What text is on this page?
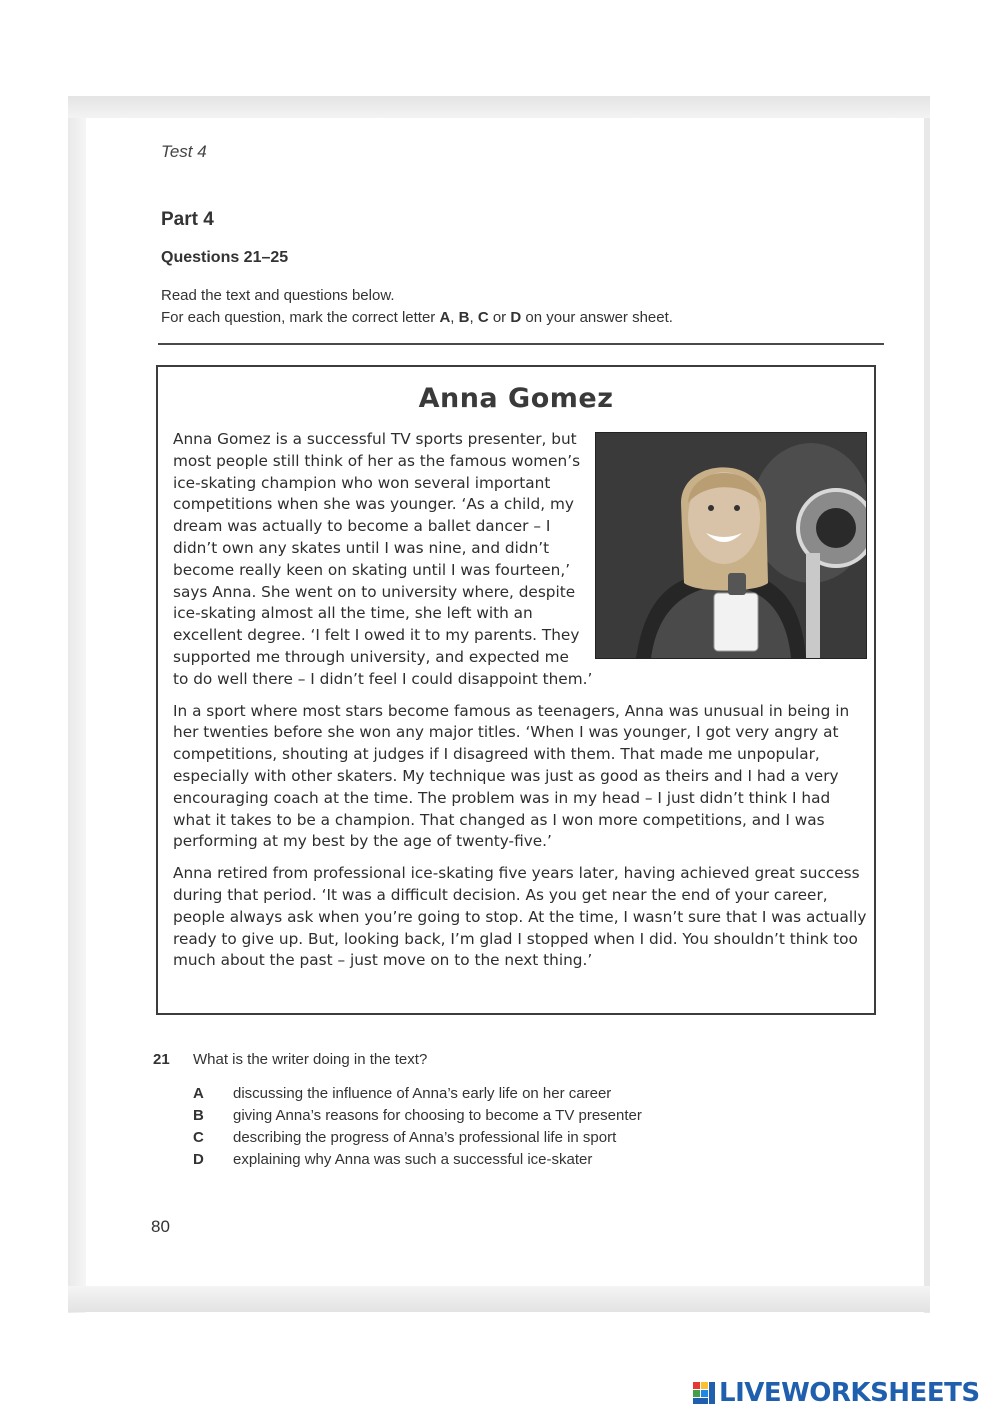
Test 4
Part 4
Questions 21–25
Read the text and questions below.
For each question, mark the correct letter A, B, C or D on your answer sheet.
Anna Gomez

Anna Gomez is a successful TV sports presenter, but most people still think of her as the famous women’s ice-skating champion who won several important competitions when she was younger. ‘As a child, my dream was actually to become a ballet dancer – I didn’t own any skates until I was nine, and didn’t become really keen on skating until I was fourteen,’ says Anna. She went on to university where, despite ice-skating almost all the time, she left with an excellent degree. ‘I felt I owed it to my parents. They supported me through university, and expected me to do well there – I didn’t feel I could disappoint them.’

In a sport where most stars become famous as teenagers, Anna was unusual in being in her twenties before she won any major titles. ‘When I was younger, I got very angry at competitions, shouting at judges if I disagreed with them. That made me unpopular, especially with other skaters. My technique was just as good as theirs and I had a very encouraging coach at the time. The problem was in my head – I just didn’t think I had what it takes to be a champion. That changed as I won more competitions, and I was performing at my best by the age of twenty-five.’

Anna retired from professional ice-skating five years later, having achieved great success during that period. ‘It was a difficult decision. As you get near the end of your career, people always ask when you’re going to stop. At the time, I wasn’t sure that I was actually ready to give up. But, looking back, I’m glad I stopped when I did. You shouldn’t think too much about the past – just move on to the next thing.’

21 What is the writer doing in the text?
A	discussing the influence of Anna’s early life on her career
B	giving Anna’s reasons for choosing to become a TV presenter
C	describing the progress of Anna’s professional life in sport
D	explaining why Anna was such a successful ice-skater
80
LIVEWORKSHEETS
